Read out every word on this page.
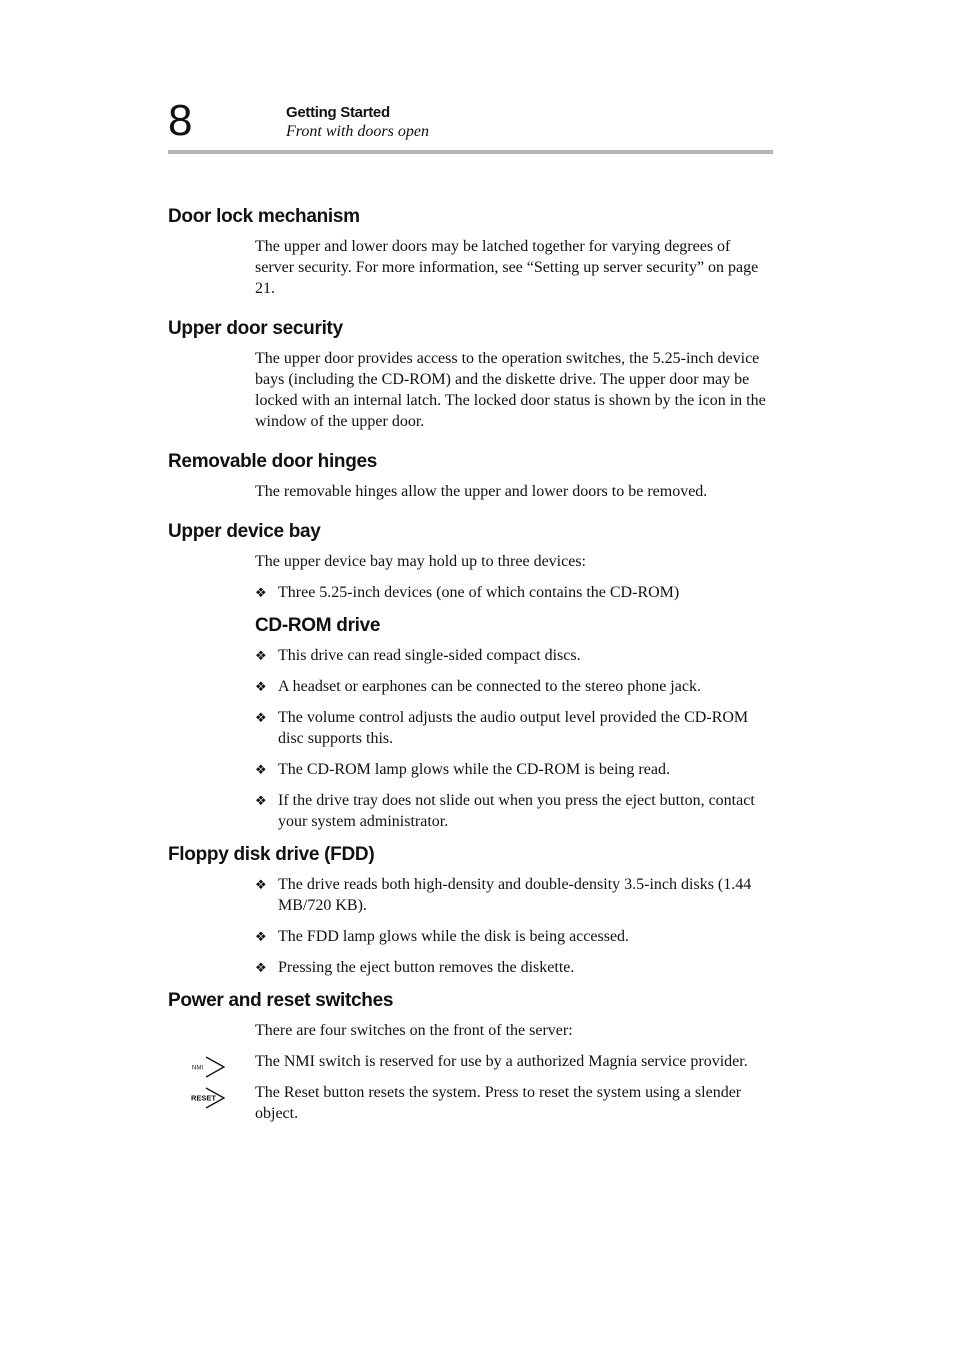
8	Getting Started
Front with doors open
Door lock mechanism

The upper and lower doors may be latched together for varying degrees of server security. For more information, see “Setting up server security” on page 21.

Upper door security

The upper door provides access to the operation switches, the 5.25-inch device bays (including the CD-ROM) and the diskette drive. The upper door may be locked with an internal latch. The locked door status is shown by the icon in the window of the upper door.

Removable door hinges

The removable hinges allow the upper and lower doors to be removed.

Upper device bay

The upper device bay may hold up to three devices:

❖ Three 5.25-inch devices (one of which contains the CD-ROM)
CD-ROM drive
❖ This drive can read single-sided compact discs.
❖ A headset or earphones can be connected to the stereo phone jack.
❖ The volume control adjusts the audio output level provided the CD-ROM disc supports this.
❖ The CD-ROM lamp glows while the CD-ROM is being read.
❖ If the drive tray does not slide out when you press the eject button, contact your system administrator.
Floppy disk drive (FDD)
❖ The drive reads both high-density and double-density 3.5-inch disks (1.44 MB/720 KB).
❖ The FDD lamp glows while the disk is being accessed.
❖ Pressing the eject button removes the diskette.
Power and reset switches

There are four switches on the front of the server:

NMI	The NMI switch is reserved for use by a authorized Magnia service provider.

RESET The Reset button resets the system. Press to reset the system using a slender object.
